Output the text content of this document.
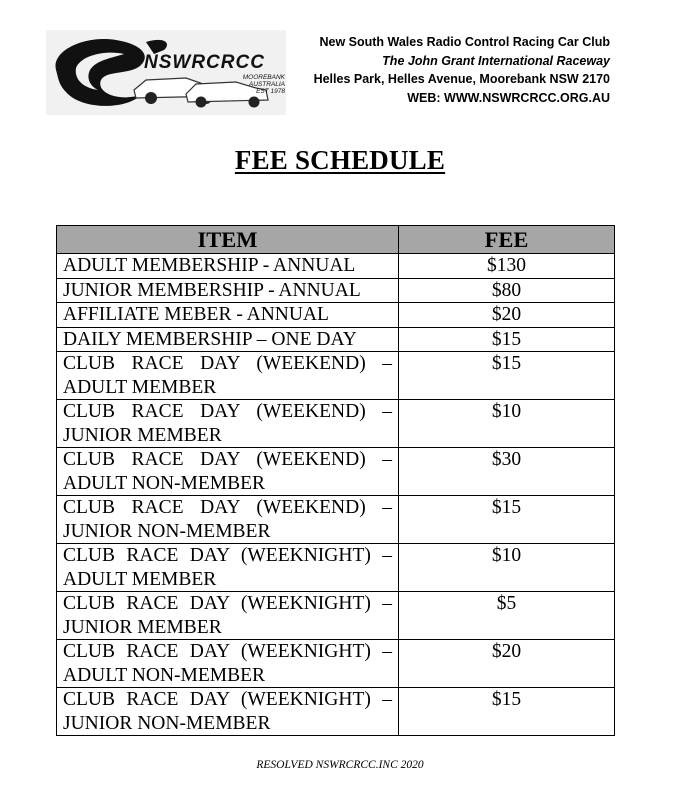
NSWRCRCC
MOOREBANK
AUSTRALIA
EST 1978
New South Wales Radio Control Racing Car Club
The John Grant International Raceway
Helles Park, Helles Avenue, Moorebank NSW 2170
WEB: WWW.NSWRCRCC.ORG.AU
FEE SCHEDULE
ITEM	FEE
ADULT MEMBERSHIP - ANNUAL	$130
JUNIOR MEMBERSHIP - ANNUAL	$80
AFFILIATE MEBER - ANNUAL	$20
DAILY MEMBERSHIP – ONE DAY	$15
CLUB RACE DAY (WEEKEND) – ADULT MEMBER	$15
CLUB RACE DAY (WEEKEND) – JUNIOR MEMBER	$10
CLUB RACE DAY (WEEKEND) – ADULT NON-MEMBER	$30
CLUB RACE DAY (WEEKEND) – JUNIOR NON-MEMBER	$15
CLUB RACE DAY (WEEKNIGHT) – ADULT MEMBER	$10
CLUB RACE DAY (WEEKNIGHT) – JUNIOR MEMBER	$5
CLUB RACE DAY (WEEKNIGHT) – ADULT NON-MEMBER	$20
CLUB RACE DAY (WEEKNIGHT) – JUNIOR NON-MEMBER	$15
RESOLVED NSWRCRCC.INC 2020
